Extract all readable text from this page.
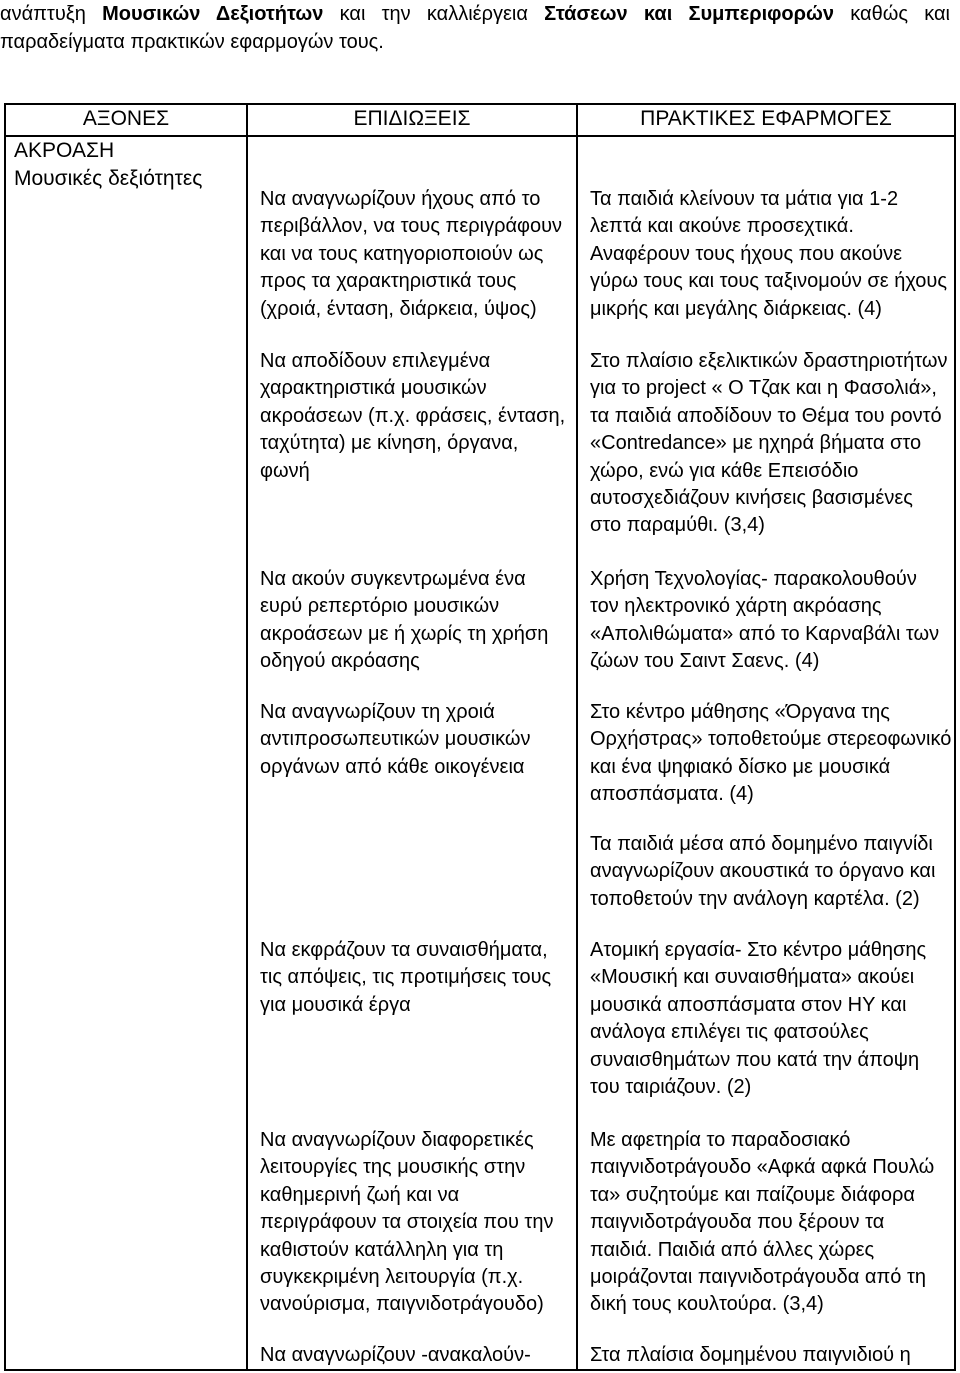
ανάπτυξη Μουσικών Δεξιοτήτων και την καλλιέργεια Στάσεων και Συμπεριφορών καθώς και
παραδείγματα πρακτικών εφαρμογών τους.
ΑΞΟΝΕΣ	ΕΠΙΔΙΩΞΕΙΣ	ΠΡΑΚΤΙΚΕΣ ΕΦΑΡΜΟΓΕΣ
ΑΚΡΟΑΣΗ
Μουσικές δεξιότητες
Να αναγνωρίζουν ήχους από το
περιβάλλον, να τους περιγράφουν
και να τους κατηγοριοποιούν ως
προς τα χαρακτηριστικά τους
(χροιά, ένταση, διάρκεια, ύψος)
Να αποδίδουν επιλεγμένα
χαρακτηριστικά μουσικών
ακροάσεων (π.χ. φράσεις, ένταση,
ταχύτητα) με κίνηση, όργανα,
φωνή
Να ακούν συγκεντρωμένα ένα
ευρύ ρεπερτόριο μουσικών
ακροάσεων με ή χωρίς τη χρήση
οδηγού ακρόασης
Να αναγνωρίζουν τη χροιά
αντιπροσωπευτικών μουσικών
οργάνων από κάθε οικογένεια
Να εκφράζουν τα συναισθήματα,
τις απόψεις, τις προτιμήσεις τους
για μουσικά έργα
Να αναγνωρίζουν διαφορετικές
λειτουργίες της μουσικής στην
καθημερινή ζωή και να
περιγράφουν τα στοιχεία που την
καθιστούν κατάλληλη για τη
συγκεκριμένη λειτουργία (π.χ.
νανούρισμα, παιγνιδοτράγουδο)
Να αναγνωρίζουν -ανακαλούν-
Τα παιδιά κλείνουν τα μάτια για 1-2
λεπτά και ακούνε προσεχτικά.
Αναφέρουν τους ήχους που ακούνε
γύρω τους και τους ταξινομούν σε ήχους
μικρής και μεγάλης διάρκειας. (4)
Στο πλαίσιο εξελικτικών δραστηριοτήτων
για το project « Ο Τζακ και η Φασολιά»,
τα παιδιά αποδίδουν το Θέμα του ροντό
«Contredance» με ηχηρά βήματα στο
χώρο, ενώ για κάθε Επεισόδιο
αυτοσχεδιάζουν κινήσεις βασισμένες
στο παραμύθι. (3,4)
Χρήση Τεχνολογίας- παρακολουθούν
τον ηλεκτρονικό χάρτη ακρόασης
«Απολιθώματα» από το Καρναβάλι των
ζώων του Σαιντ Σαενς. (4)
Στο κέντρο μάθησης «Όργανα της
Ορχήστρας» τοποθετούμε στερεοφωνικό
και ένα ψηφιακό δίσκο με μουσικά
αποσπάσματα. (4)
Τα παιδιά μέσα από δομημένο παιγνίδι
αναγνωρίζουν ακουστικά το όργανο και
τοποθετούν την ανάλογη καρτέλα. (2)
Ατομική εργασία- Στο κέντρο μάθησης
«Μουσική και συναισθήματα» ακούει
μουσικά αποσπάσματα στον ΗΥ και
ανάλογα επιλέγει τις φατσούλες
συναισθημάτων που κατά την άποψη
του ταιριάζουν. (2)
Με αφετηρία το παραδοσιακό
παιγνιδοτράγουδο «Αφκά αφκά Πουλώ
τα» συζητούμε και παίζουμε διάφορα
παιγνιδοτράγουδα που ξέρουν τα
παιδιά. Παιδιά από άλλες χώρες
μοιράζονται παιγνιδοτράγουδα από τη
δική τους κουλτούρα. (3,4)
Στα πλαίσια δομημένου παιγνιδιού η
